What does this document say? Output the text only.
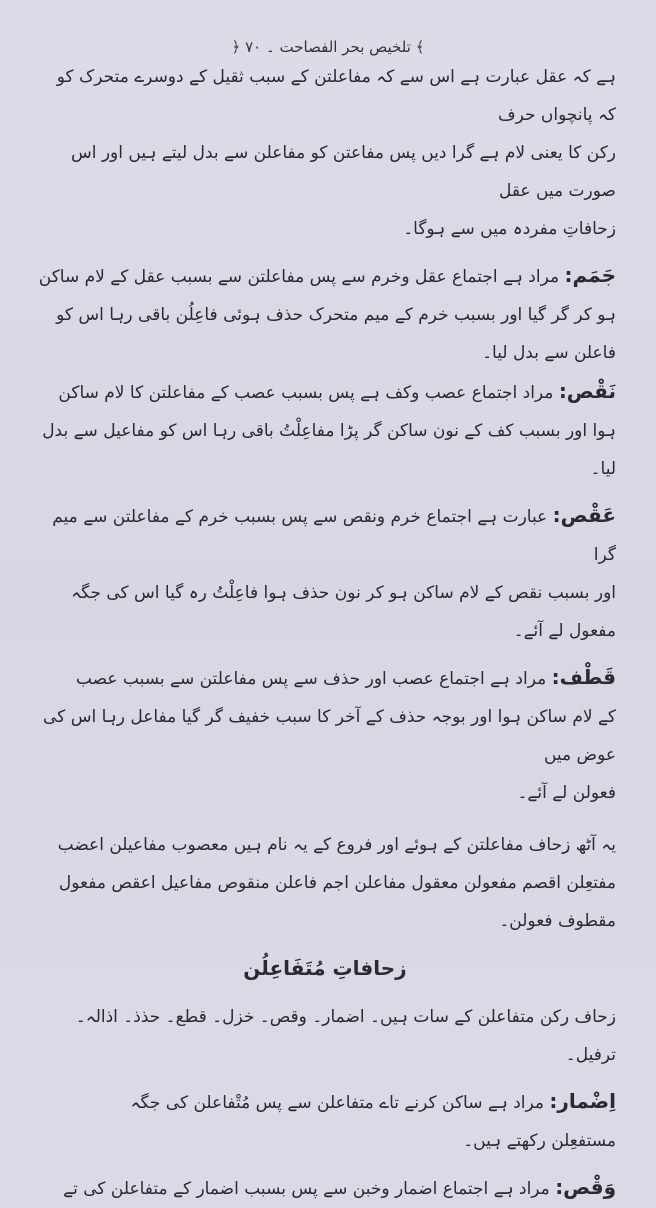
﴿ تلخیص بحر الفصاحت ۔ ۷۰ ﴾

ہے کہ عقل عبارت ہے اس سے کہ مفاعلتن کے سبب ثقیل کے دوسرے متحرک کو کہ پانچواں حرف

رکن کا یعنی لام ہے گرا دیں پس مفاعتن کو مفاعلن سے بدل لیتے ہیں اور اس صورت میں عقل

زحافاتِ مفردہ میں سے ہوگا۔

جَمَم: مراد ہے اجتماع عقل وخرم سے پس مفاعلتن سے بسبب عقل کے لام ساکن

ہو کر گر گیا اور بسبب خرم کے میم متحرک حذف ہوئی فاعِلُن باقی رہا اس کو فاعلن سے بدل لیا۔

نَقْص: مراد اجتماع عصب وکف ہے پس بسبب عصب کے مفاعلتن کا لام ساکن

ہوا اور بسبب کف کے نون ساکن گر پڑا مفاعِلْتُ باقی رہا اس کو مفاعیل سے بدل لیا۔

عَقْص: عبارت ہے اجتماع خرم ونقص سے پس بسبب خرم کے مفاعلتن سے میم گرا

اور بسبب نقص کے لام ساکن ہو کر نون حذف ہوا فاعِلْتُ رہ گیا اس کی جگہ مفعول لے آئے۔

قَطْف: مراد ہے اجتماع عصب اور حذف سے پس مفاعلتن سے بسبب عصب

کے لام ساکن ہوا اور بوجہ حذف کے آخر کا سبب خفیف گر گیا مفاعل رہا اس کی عوض میں

فعولن لے آئے۔

یہ آٹھ زحاف مفاعلتن کے ہوئے اور فروع کے یہ نام ہیں معصوب مفاعیلن اعضب

مفتعِلن اقصم مفعولن معقول مفاعلن اجم فاعلن منقوص مفاعیل اعقص مفعول مقطوف فعولن۔

زحافاتِ مُتَفَاعِلُن

زحاف رکن متفاعلن کے سات ہیں۔ اضمار۔ وقص۔ خزل۔ قطع۔ حذذ۔ اذالہ۔ ترفیل۔

اِضْمار: مراد ہے ساکن کرنے تاے متفاعلن سے پس مُتْفاعلن کی جگہ

مستفعِلن رکھتے ہیں۔

وَقْص: مراد ہے اجتماع اضمار وخبن سے پس بسبب اضمار کے متفاعلن کی تے
